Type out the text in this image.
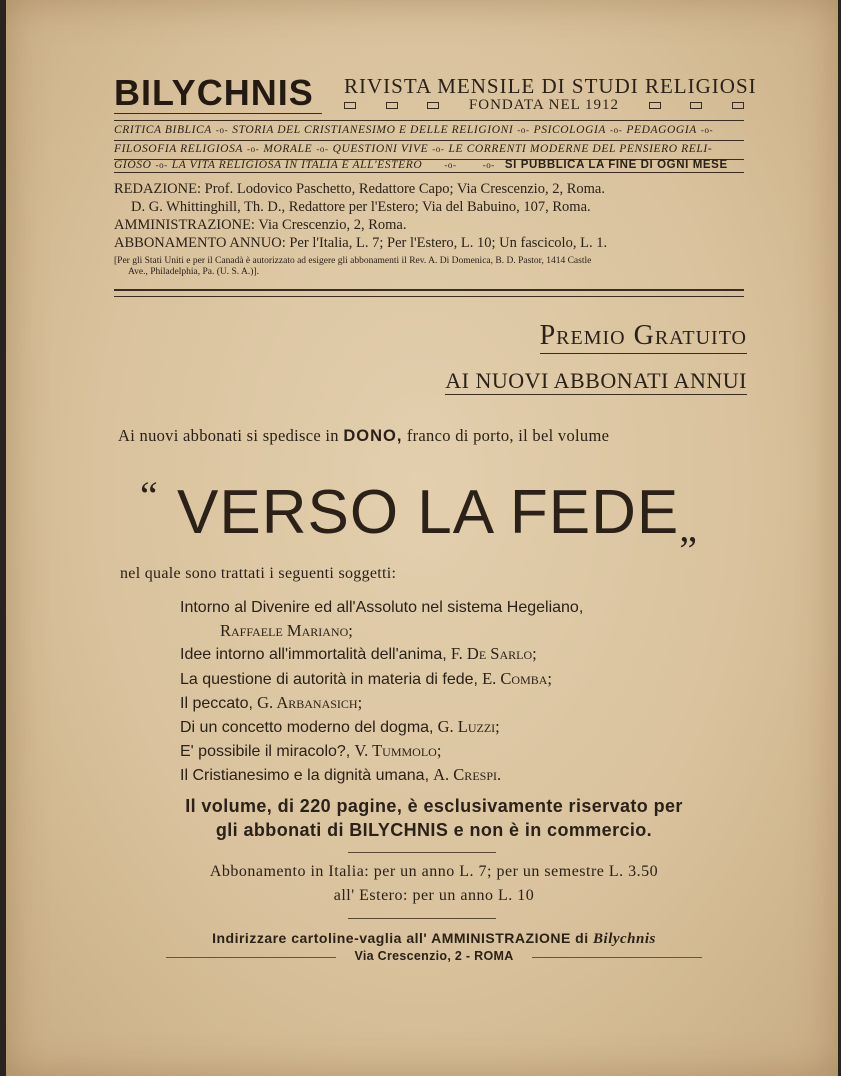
BILYCHNIS RIVISTA MENSILE DI STUDI RELIGIOSI
FONDATA NEL 1912
CRITICA BIBLICA -o- STORIA DEL CRISTIANESIMO E DELLE RELIGIONI -o- PSICOLOGIA -o- PEDAGOGIA -o-
FILOSOFIA RELIGIOSA -o- MORALE -o- QUESTIONI VIVE -o- LE CORRENTI MODERNE DEL PENSIERO RELI-
GIOSO -o- LA VITA RELIGIOSA IN ITALIA E ALL'ESTERO -o-	-o- SI PUBBLICA LA FINE DI OGNI MESE
REDAZIONE: Prof. Lodovico Paschetto, Redattore Capo; Via Crescenzio, 2, Roma.
D. G. Whittinghill, Th. D., Redattore per l'Estero; Via del Babuino, 107, Roma.
AMMINISTRAZIONE: Via Crescenzio, 2, Roma.
ABBONAMENTO ANNUO: Per l'Italia, L. 7; Per l'Estero, L. 10; Un fascicolo, L. 1.
[Per gli Stati Uniti e per il Canadà è autorizzato ad esigere gli abbonamenti il Rev. A. Di Domenica, B. D. Pastor, 1414 Castle
Ave., Philadelphia, Pa. (U. S. A.)].
Premio Gratuito
AI NUOVI ABBONATI ANNUI
Ai nuovi abbonati si spedisce in DONO, franco di porto, il bel volume
“ VERSO LA FEDE„
nel quale sono trattati i seguenti soggetti:
Intorno al Divenire ed all'Assoluto nel sistema Hegeliano,
Raffaele Mariano;
Idee intorno all'immortalità dell'anima, F. De Sarlo;
La questione di autorità in materia di fede, E. Comba;
Il peccato, G. Arbanasich;
Di un concetto moderno del dogma, G. Luzzi;
E' possibile il miracolo?, V. Tummolo;
Il Cristianesimo e la dignità umana, A. Crespi.
Il volume, di 220 pagine, è esclusivamente riservato per
gli abbonati di BILYCHNIS e non è in commercio.
Abbonamento in Italia: per un anno L. 7; per un semestre L. 3.50
all' Estero: per un anno L. 10
Indirizzare cartoline-vaglia all' AMMINISTRAZIONE di Bilychnis
Via Crescenzio, 2 - ROMA
